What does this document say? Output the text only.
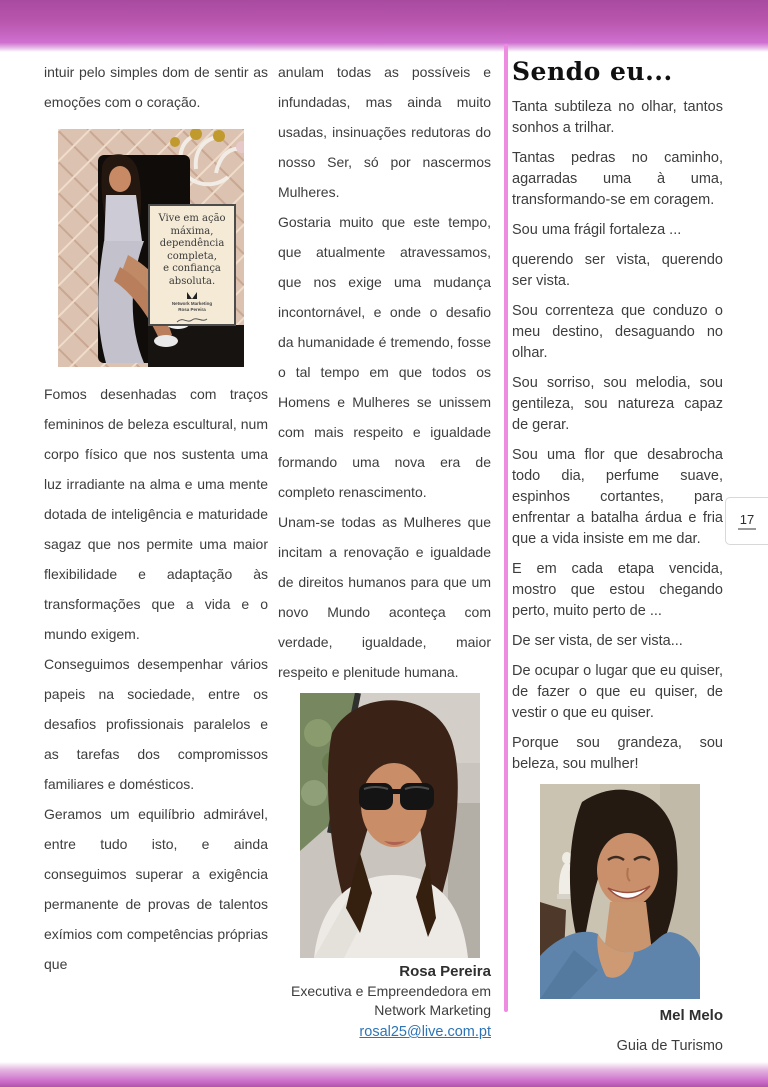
17

intuir pelo simples dom de sentir as emoções com o coração.

Vive em ação
máxima,
dependência
completa,
e confiança
absoluta.
Network Marketing
Rosa Pereira

Fomos desenhadas com traços femininos de beleza escultural, num corpo físico que nos sustenta uma luz irradiante na alma e uma mente dotada de inteligência e maturidade sagaz que nos permite uma maior flexibilidade e adaptação às transformações que a vida e o mundo exigem.

Conseguimos desempenhar vários papeis na sociedade, entre os desafios profissionais paralelos e as tarefas dos compromissos familiares e domésticos.

Geramos um equilíbrio admirável, entre tudo isto, e ainda conseguimos superar a exigência permanente de provas de talentos exímios com competências próprias que

anulam todas as possíveis e infundadas, mas ainda muito usadas, insinuações redutoras do nosso Ser, só por nascermos Mulheres.

Gostaria muito que este tempo, que atualmente atravessamos, que nos exige uma mudança incontornável, e onde o desafio da humanidade é tremendo, fosse o tal tempo em que todos os Homens e Mulheres se unissem com mais respeito e igualdade formando uma nova era de completo renascimento.

Unam-se todas as Mulheres que incitam a renovação e igualdade de direitos humanos para que um novo Mundo aconteça com verdade, igualdade, maior respeito e plenitude humana.

Rosa Pereira
Executiva e Empreendedora em
Network Marketing
rosal25@live.com.pt
Sendo eu...

Tanta subtileza no olhar, tantos sonhos a trilhar.

Tantas pedras no caminho, agarradas uma à uma, transformando-se em coragem.

Sou uma frágil fortaleza ...

querendo ser vista, querendo ser vista.

Sou correnteza que conduzo o meu destino, desaguando no olhar.

Sou sorriso, sou melodia, sou gentileza, sou natureza capaz de gerar.

Sou uma flor que desabrocha todo dia, perfume suave, espinhos cortantes, para enfrentar a batalha árdua e fria que a vida insiste em me dar.

E em cada etapa vencida, mostro que estou chegando perto, muito perto de ...

De ser vista, de ser vista...

De ocupar o lugar que eu quiser, de fazer o que eu quiser, de vestir o que eu quiser.

Porque sou grandeza, sou beleza, sou mulher!

Mel Melo
Guia de Turismo
